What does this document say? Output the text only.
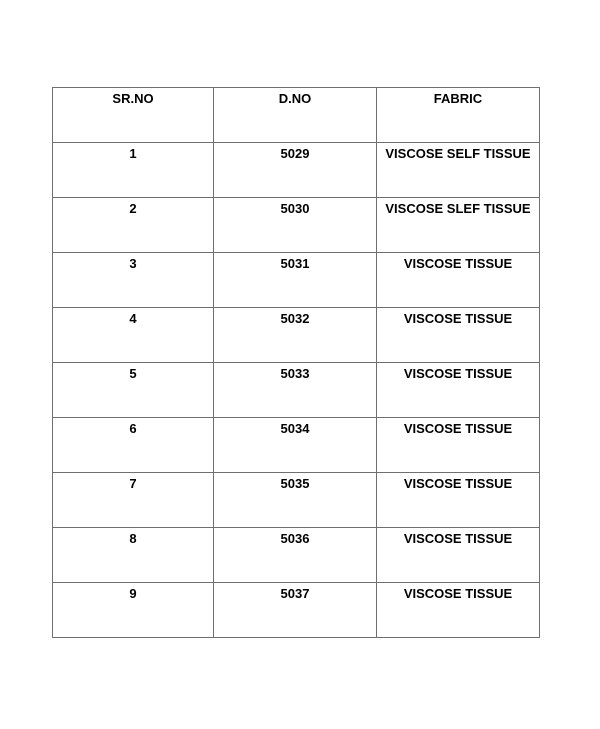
SR.NO	D.NO	FABRIC
1	5029	VISCOSE SELF TISSUE
2	5030	VISCOSE SLEF TISSUE
3	5031	VISCOSE TISSUE
4	5032	VISCOSE TISSUE
5	5033	VISCOSE TISSUE
6	5034	VISCOSE TISSUE
7	5035	VISCOSE TISSUE
8	5036	VISCOSE TISSUE
9	5037	VISCOSE TISSUE
